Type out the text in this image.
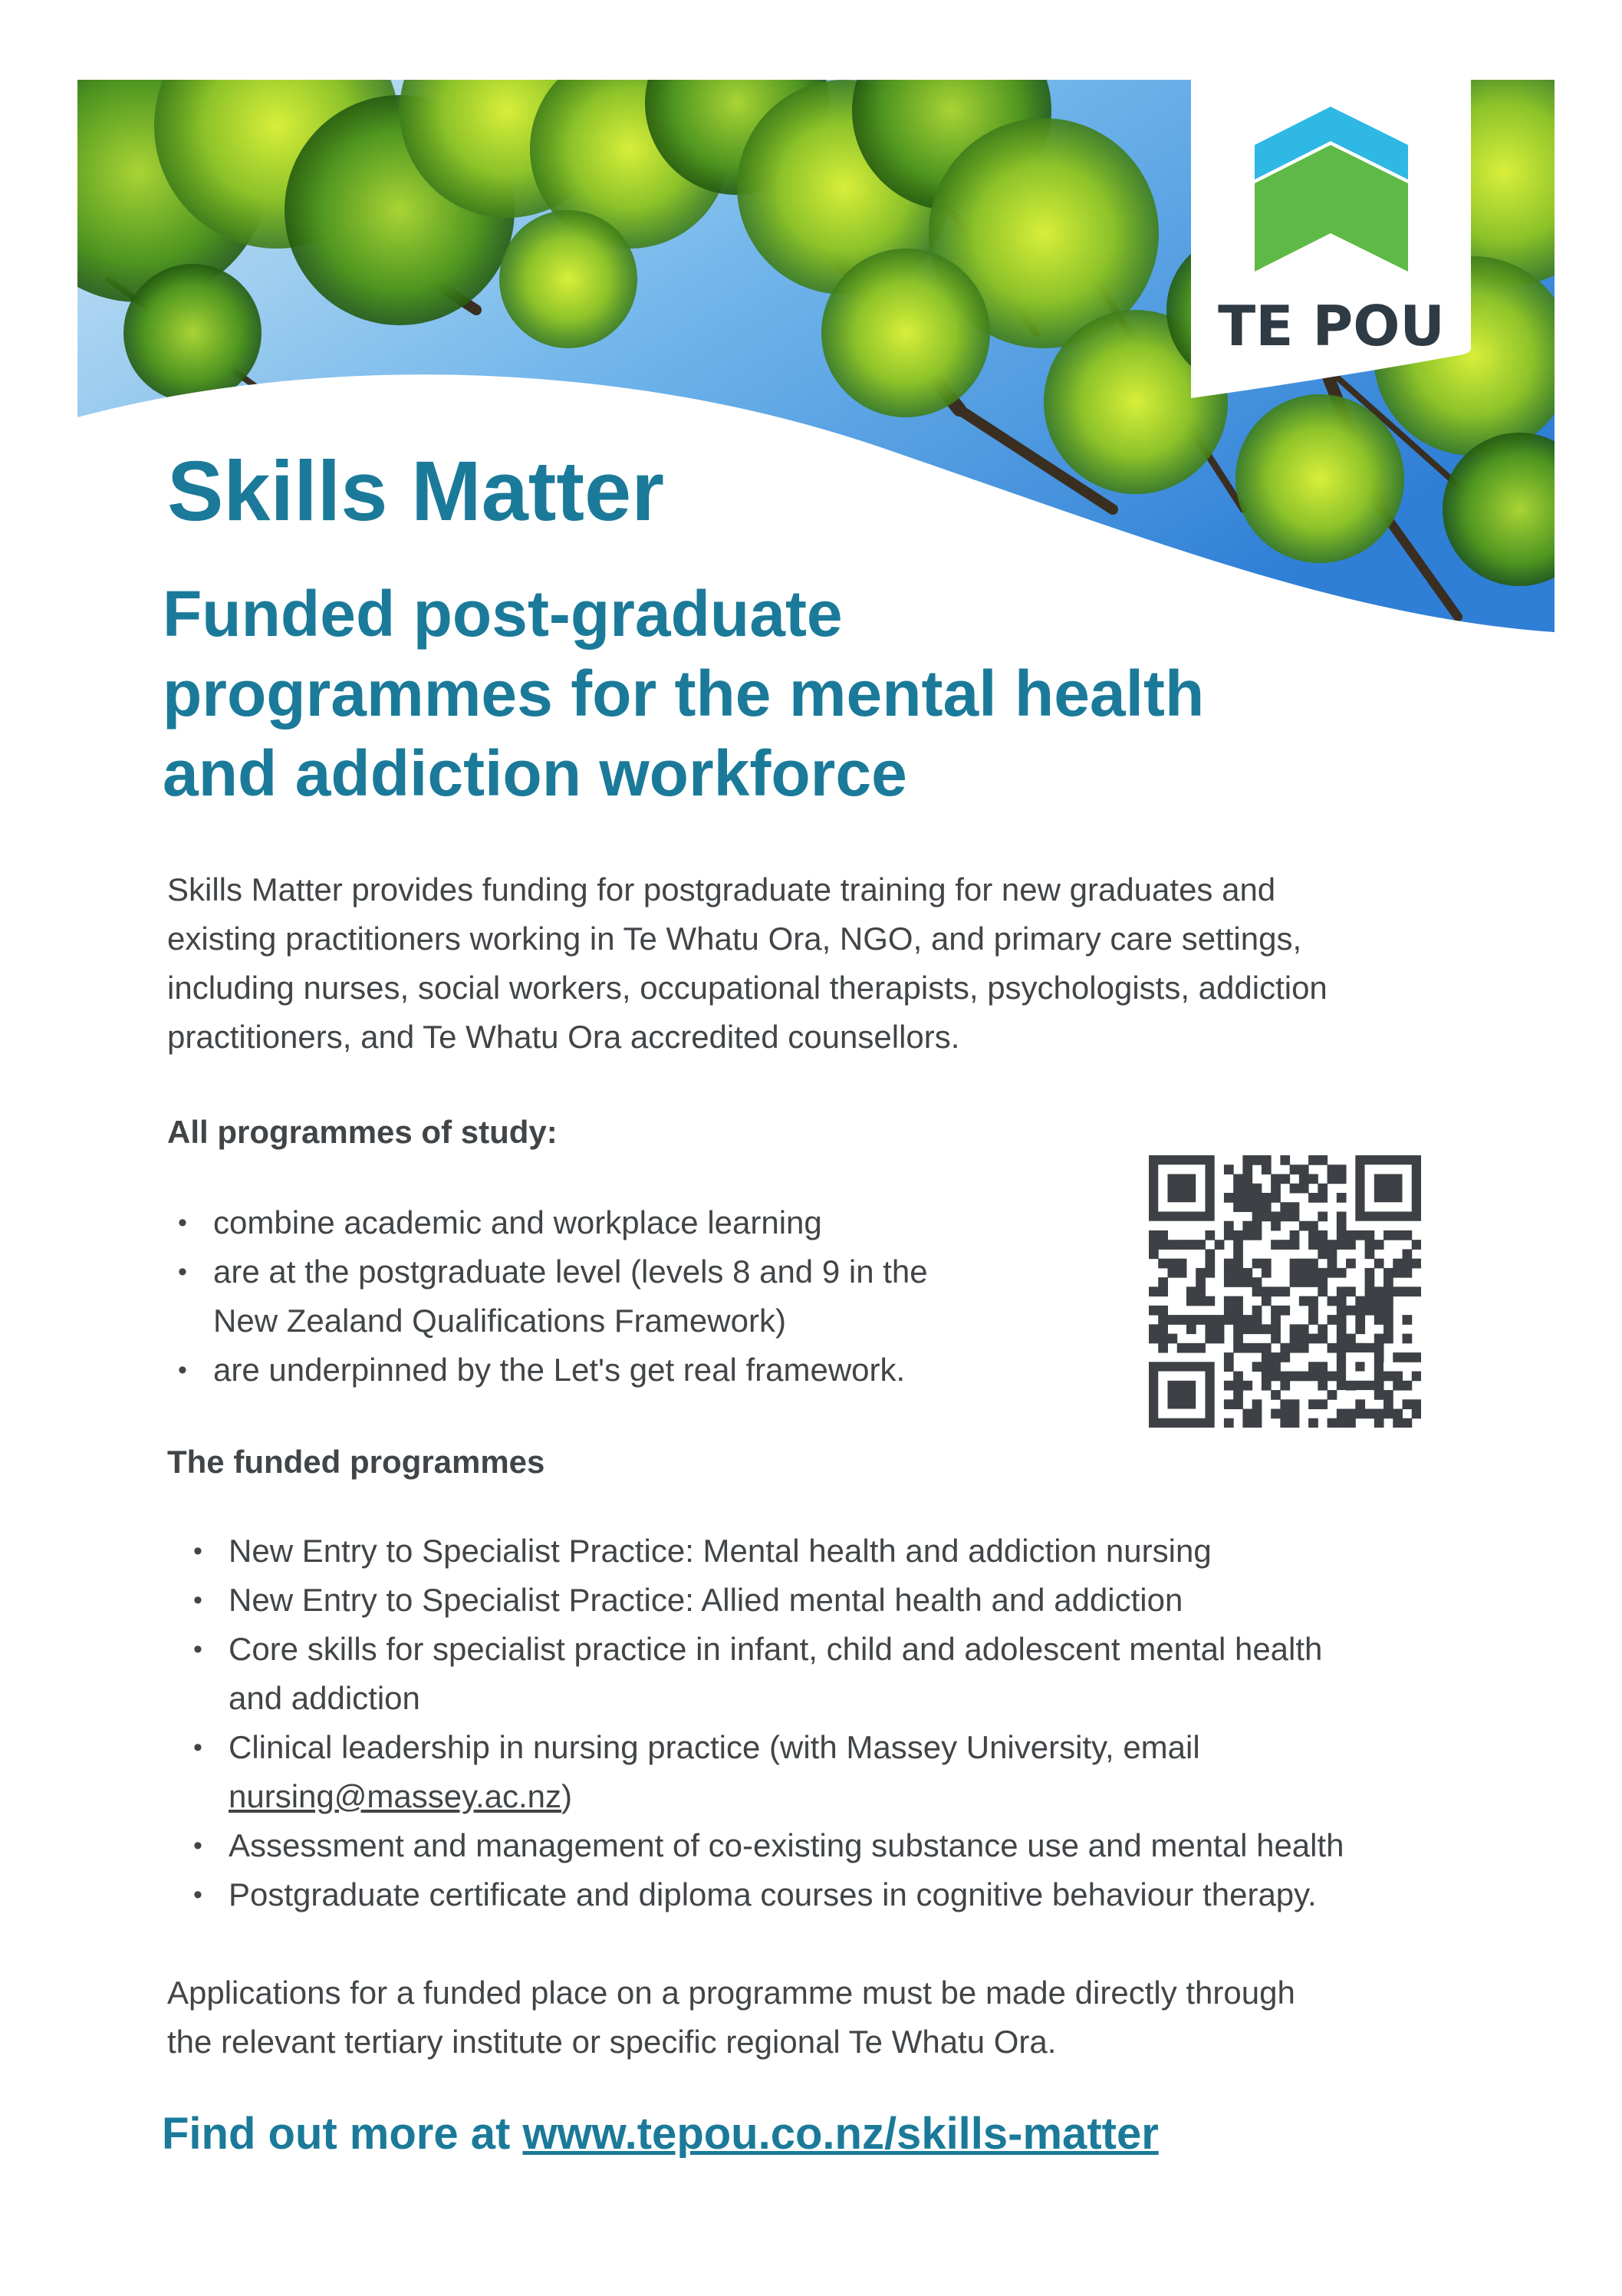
TE POU
Skills Matter
Funded post-graduate
programmes for the mental health
and addiction workforce

Skills Matter provides funding for postgraduate training for new graduates and
existing practitioners working in Te Whatu Ora, NGO, and primary care settings,
including nurses, social workers, occupational therapists, psychologists, addiction
practitioners, and Te Whatu Ora accredited counsellors.

All programmes of study:
• combine academic and workplace learning
• are at the postgraduate level (levels 8 and 9 in the
New Zealand Qualifications Framework)
• are underpinned by the Let's get real framework.
The funded programmes
• New Entry to Specialist Practice: Mental health and addiction nursing
• New Entry to Specialist Practice: Allied mental health and addiction
• Core skills for specialist practice in infant, child and adolescent mental health
and addiction
• Clinical leadership in nursing practice (with Massey University, email
nursing@massey.ac.nz)
• Assessment and management of co-existing substance use and mental health
• Postgraduate certificate and diploma courses in cognitive behaviour therapy.

Applications for a funded place on a programme must be made directly through
the relevant tertiary institute or specific regional Te Whatu Ora.

Find out more at www.tepou.co.nz/skills-matter
